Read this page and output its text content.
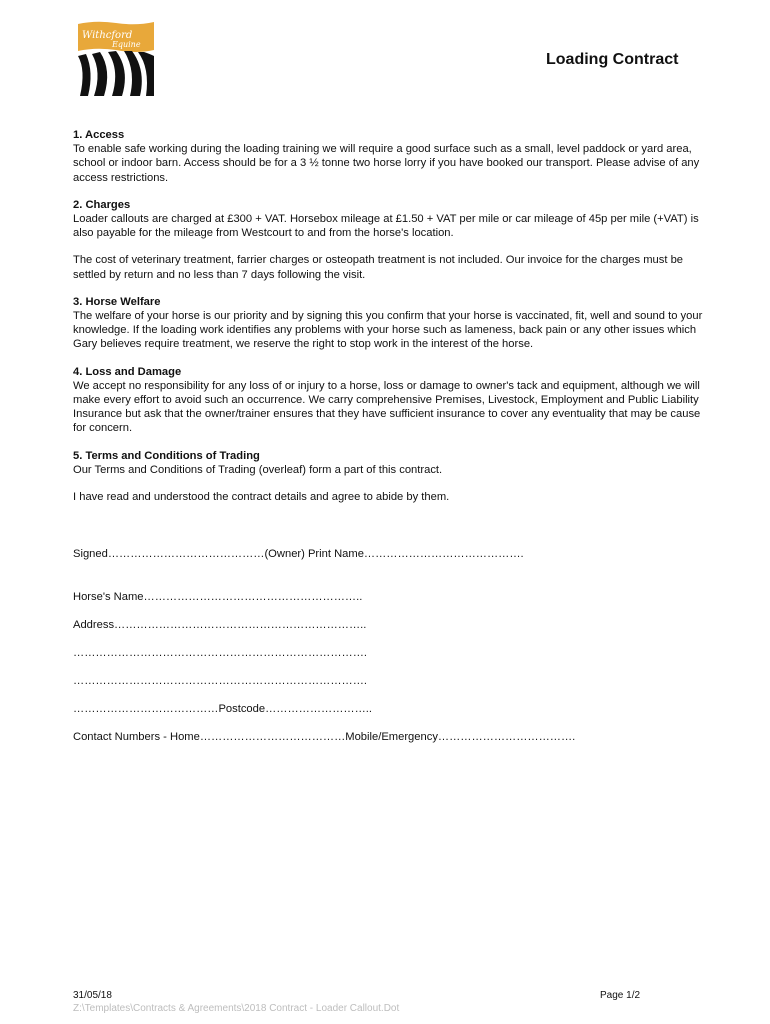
Withcford
Equine
Loading Contract
1. Access

To enable safe working during the loading training we will require a good surface such as a small, level paddock or yard area, school or indoor barn. Access should be for a 3 ½ tonne two horse lorry if you have booked our transport. Please advise of any access restrictions.

2. Charges

Loader callouts are charged at £300 + VAT. Horsebox mileage at £1.50 + VAT per mile or car mileage of 45p per mile (+VAT) is also payable for the mileage from Westcourt to and from the horse's location.

The cost of veterinary treatment, farrier charges or osteopath treatment is not included. Our invoice for the charges must be settled by return and no less than 7 days following the visit.

3. Horse Welfare

The welfare of your horse is our priority and by signing this you confirm that your horse is vaccinated, fit, well and sound to your knowledge. If the loading work identifies any problems with your horse such as lameness, back pain or any other issues which Gary believes require treatment, we reserve the right to stop work in the interest of the horse.

4. Loss and Damage

We accept no responsibility for any loss of or injury to a horse, loss or damage to owner's tack and equipment, although we will make every effort to avoid such an occurrence. We carry comprehensive Premises, Livestock, Employment and Public Liability Insurance but ask that the owner/trainer ensures that they have sufficient insurance to cover any eventuality that may be cause for concern.

5. Terms and Conditions of Trading

Our Terms and Conditions of Trading (overleaf) form a part of this contract.

I have read and understood the contract details and agree to abide by them.

Signed……………………………………(Owner) Print Name…………………………………….
Horse's Name…………………………………………………..
Address…………………………………………………………..
…………………………………………………………………….
…………………………………………………………………….
…………………………………Postcode………………………..
Contact Numbers - Home…………………………………Mobile/Emergency……………………………….
31/05/18	Page 1/2
Z:\Templates\Contracts & Agreements\2018 Contract - Loader Callout.Dot
